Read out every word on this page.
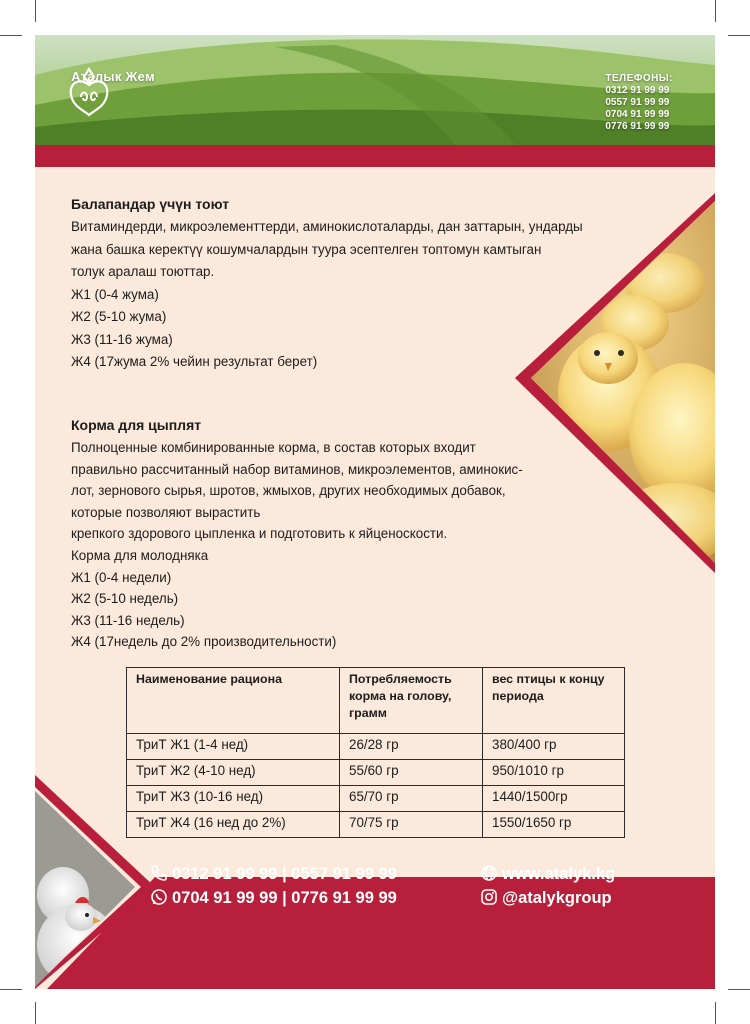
Аталык Жем	ТЕЛЕФОНЫ:
0312 91 99 99
0557 91 99 99
0704 91 99 99
0776 91 99 99
Балапандар үчүн тоют
Витаминдерди, микроэлементтерди, аминокислоталарды, дан заттарын, ундарды
жана башка керектүү кошумчалардын туура эсептелген топтомун камтыган
толук аралаш тоюттар.
Ж1 (0-4 жума)
Ж2 (5-10 жума)
Ж3 (11-16 жума)
Ж4 (17жума 2% чейин результат берет)
Корма для цыплят
Полноценные комбинированные корма, в состав которых входит
правильно рассчитанный набор витаминов, микроэлементов, аминокис-
лот, зернового сырья, шротов, жмыхов, других необходимых добавок,
которые позволяют вырастить
крепкого здорового цыпленка и подготовить к яйценоскости.
Корма для молодняка
Ж1 (0-4 недели)
Ж2 (5-10 недель)
Ж3 (11-16 недель)
Ж4 (17недель до 2% производительности)
Наименование рациона	Потребляемость корма на голову, грамм	вес птицы к концу периода
ТриТ Ж1 (1-4 нед)	26/28 гр	380/400 гр
ТриТ Ж2 (4-10 нед)	55/60 гр	950/1010 гр
ТриТ Ж3 (10-16 нед)	65/70 гр	1440/1500гр
ТриТ Ж4 (16 нед до 2%)	70/75 гр	1550/1650 гр
0312 91 99 99 | 0557 91 99 99
0704 91 99 99 | 0776 91 99 99
www.atalyk.kg
@atalykgroup
